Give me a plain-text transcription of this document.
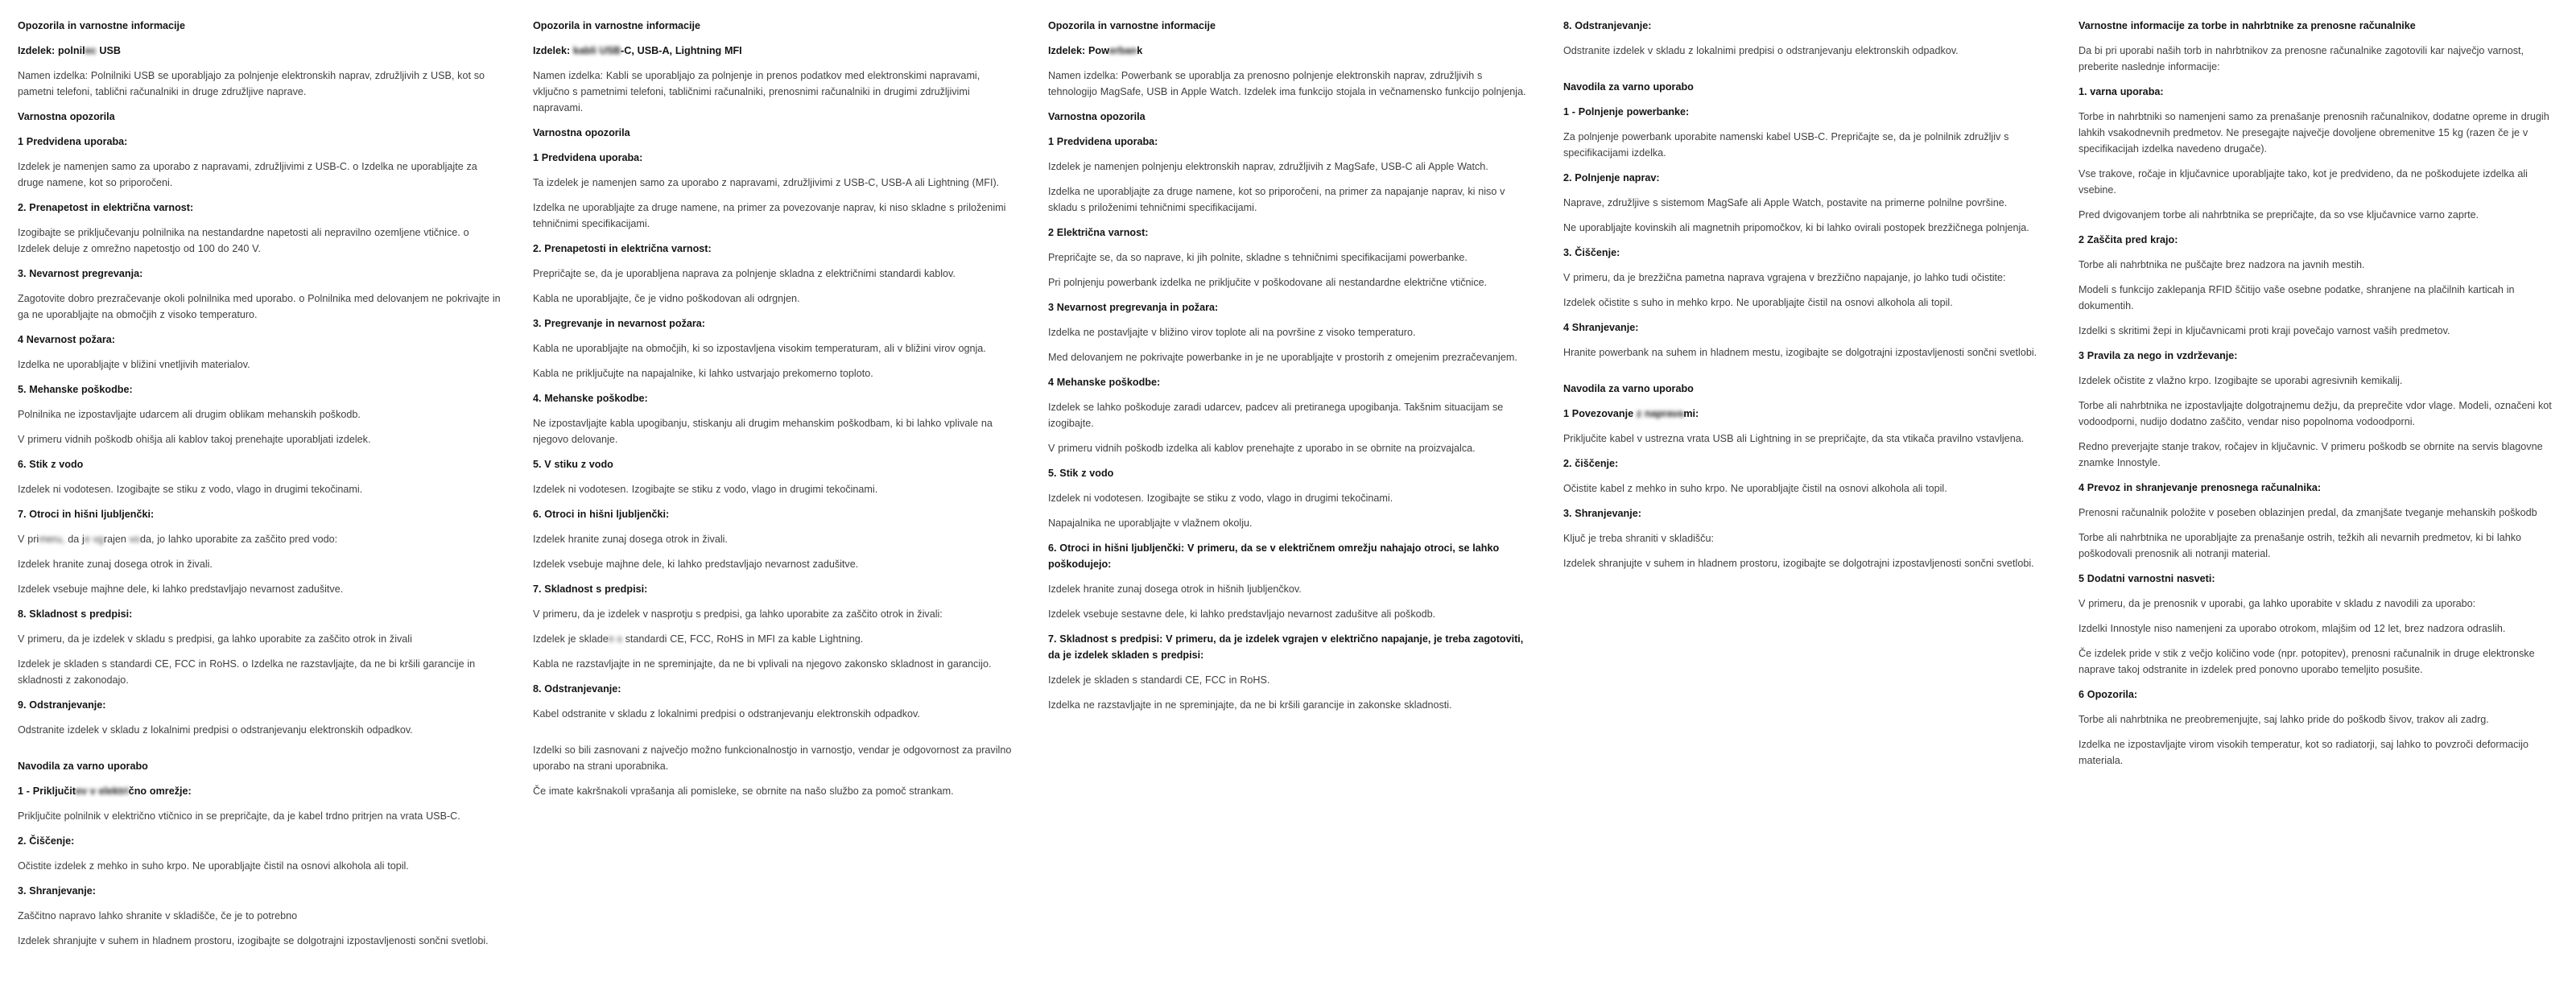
Opozorila in varnostne informacije

Izdelek: polnilec USB

Namen izdelka: Polnilniki USB se uporabljajo za polnjenje elektronskih naprav, združljivih z USB, kot so pametni telefoni, tablični računalniki in druge združljive naprave.

Varnostna opozorila

1 Predvidena uporaba:

Izdelek je namenjen samo za uporabo z napravami, združljivimi z USB-C. o Izdelka ne uporabljajte za druge namene, kot so priporočeni.

2. Prenapetost in električna varnost:

Izogibajte se priključevanju polnilnika na nestandardne napetosti ali nepravilno ozemljene vtičnice. o Izdelek deluje z omrežno napetostjo od 100 do 240 V.

3. Nevarnost pregrevanja:

Zagotovite dobro prezračevanje okoli polnilnika med uporabo. o Polnilnika med delovanjem ne pokrivajte in ga ne uporabljajte na območjih z visoko temperaturo.

4 Nevarnost požara:

Izdelka ne uporabljajte v bližini vnetljivih materialov.

5. Mehanske poškodbe:

Polnilnika ne izpostavljajte udarcem ali drugim oblikam mehanskih poškodb.

V primeru vidnih poškodb ohišja ali kablov takoj prenehajte uporabljati izdelek.

6. Stik z vodo

Izdelek ni vodotesen. Izogibajte se stiku z vodo, vlago in drugimi tekočinami.

7. Otroci in hišni ljubljenčki:

V primeru, da je vgrajen voda, jo lahko uporabite za zaščito pred vodo:

Izdelek hranite zunaj dosega otrok in živali.

Izdelek vsebuje majhne dele, ki lahko predstavljajo nevarnost zadušitve.

8. Skladnost s predpisi:

V primeru, da je izdelek v skladu s predpisi, ga lahko uporabite za zaščito otrok in živali

Izdelek je skladen s standardi CE, FCC in RoHS. o Izdelka ne razstavljajte, da ne bi kršili garancije in skladnosti z zakonodajo.

9. Odstranjevanje:

Odstranite izdelek v skladu z lokalnimi predpisi o odstranjevanju elektronskih odpadkov.

Navodila za varno uporabo

1 - Priključitev v električno omrežje:

Priključite polnilnik v električno vtičnico in se prepričajte, da je kabel trdno pritrjen na vrata USB-C.

2. Čiščenje:

Očistite izdelek z mehko in suho krpo. Ne uporabljajte čistil na osnovi alkohola ali topil.

3. Shranjevanje:

Zaščitno napravo lahko shranite v skladišče, če je to potrebno

Izdelek shranjujte v suhem in hladnem prostoru, izogibajte se dolgotrajni izpostavljenosti sončni svetlobi.

Opozorila in varnostne informacije

Izdelek: kabli USB-C, USB-A, Lightning MFI

Namen izdelka: Kabli se uporabljajo za polnjenje in prenos podatkov med elektronskimi napravami, vključno s pametnimi telefoni, tabličnimi računalniki, prenosnimi računalniki in drugimi združljivimi napravami.

Varnostna opozorila

1 Predvidena uporaba:

Ta izdelek je namenjen samo za uporabo z napravami, združljivimi z USB-C, USB-A ali Lightning (MFI).

Izdelka ne uporabljajte za druge namene, na primer za povezovanje naprav, ki niso skladne s priloženimi tehničnimi specifikacijami.

2. Prenapetosti in električna varnost:

Prepričajte se, da je uporabljena naprava za polnjenje skladna z električnimi standardi kablov.

Kabla ne uporabljajte, če je vidno poškodovan ali odrgnjen.

3. Pregrevanje in nevarnost požara:

Kabla ne uporabljajte na območjih, ki so izpostavljena visokim temperaturam, ali v bližini virov ognja.

Kabla ne priključujte na napajalnike, ki lahko ustvarjajo prekomerno toploto.

4. Mehanske poškodbe:

Ne izpostavljajte kabla upogibanju, stiskanju ali drugim mehanskim poškodbam, ki bi lahko vplivale na njegovo delovanje.

5. V stiku z vodo

Izdelek ni vodotesen. Izogibajte se stiku z vodo, vlago in drugimi tekočinami.

6. Otroci in hišni ljubljenčki:

Izdelek hranite zunaj dosega otrok in živali.

Izdelek vsebuje majhne dele, ki lahko predstavljajo nevarnost zadušitve.

7. Skladnost s predpisi:

V primeru, da je izdelek v nasprotju s predpisi, ga lahko uporabite za zaščito otrok in živali:

Izdelek je skladen s standardi CE, FCC, RoHS in MFI za kable Lightning.

Kabla ne razstavljajte in ne spreminjajte, da ne bi vplivali na njegovo zakonsko skladnost in garancijo.

8. Odstranjevanje:

Kabel odstranite v skladu z lokalnimi predpisi o odstranjevanju elektronskih odpadkov.

Izdelki so bili zasnovani z največjo možno funkcionalnostjo in varnostjo, vendar je odgovornost za pravilno uporabo na strani uporabnika.

Če imate kakršnakoli vprašanja ali pomisleke, se obrnite na našo službo za pomoč strankam.

Opozorila in varnostne informacije

Izdelek: Powerbank

Namen izdelka: Powerbank se uporablja za prenosno polnjenje elektronskih naprav, združljivih s tehnologijo MagSafe, USB in Apple Watch. Izdelek ima funkcijo stojala in večnamensko funkcijo polnjenja.

Varnostna opozorila

1 Predvidena uporaba:

Izdelek je namenjen polnjenju elektronskih naprav, združljivih z MagSafe, USB-C ali Apple Watch.

Izdelka ne uporabljajte za druge namene, kot so priporočeni, na primer za napajanje naprav, ki niso v skladu s priloženimi tehničnimi specifikacijami.

2 Električna varnost:

Prepričajte se, da so naprave, ki jih polnite, skladne s tehničnimi specifikacijami powerbanke.

Pri polnjenju powerbank izdelka ne priključite v poškodovane ali nestandardne električne vtičnice.

3 Nevarnost pregrevanja in požara:

Izdelka ne postavljajte v bližino virov toplote ali na površine z visoko temperaturo.

Med delovanjem ne pokrivajte powerbanke in je ne uporabljajte v prostorih z omejenim prezračevanjem.

4 Mehanske poškodbe:

Izdelek se lahko poškoduje zaradi udarcev, padcev ali pretiranega upogibanja. Takšnim situacijam se izogibajte.

V primeru vidnih poškodb izdelka ali kablov prenehajte z uporabo in se obrnite na proizvajalca.

5. Stik z vodo

Izdelek ni vodotesen. Izogibajte se stiku z vodo, vlago in drugimi tekočinami.

Napajalnika ne uporabljajte v vlažnem okolju.

6. Otroci in hišni ljubljenčki: V primeru, da se v električnem omrežju nahajajo otroci, se lahko poškodujejo:

Izdelek hranite zunaj dosega otrok in hišnih ljubljenčkov.

Izdelek vsebuje sestavne dele, ki lahko predstavljajo nevarnost zadušitve ali poškodb.

7. Skladnost s predpisi: V primeru, da je izdelek vgrajen v električno napajanje, je treba zagotoviti, da je izdelek skladen s predpisi:

Izdelek je skladen s standardi CE, FCC in RoHS.

Izdelka ne razstavljajte in ne spreminjajte, da ne bi kršili garancije in zakonske skladnosti.

8. Odstranjevanje:

Odstranite izdelek v skladu z lokalnimi predpisi o odstranjevanju elektronskih odpadkov.

Navodila za varno uporabo

1 - Polnjenje powerbanke:

Za polnjenje powerbank uporabite namenski kabel USB-C. Prepričajte se, da je polnilnik združljiv s specifikacijami izdelka.

2. Polnjenje naprav:

Naprave, združljive s sistemom MagSafe ali Apple Watch, postavite na primerne polnilne površine.

Ne uporabljajte kovinskih ali magnetnih pripomočkov, ki bi lahko ovirali postopek brezžičnega polnjenja.

3. Čiščenje:

V primeru, da je brezžična pametna naprava vgrajena v brezžično napajanje, jo lahko tudi očistite:

Izdelek očistite s suho in mehko krpo. Ne uporabljajte čistil na osnovi alkohola ali topil.

4 Shranjevanje:

Hranite powerbank na suhem in hladnem mestu, izogibajte se dolgotrajni izpostavljenosti sončni svetlobi.

Navodila za varno uporabo

1 Povezovanje z napravami:

Priključite kabel v ustrezna vrata USB ali Lightning in se prepričajte, da sta vtikača pravilno vstavljena.

2. čiščenje:

Očistite kabel z mehko in suho krpo. Ne uporabljajte čistil na osnovi alkohola ali topil.

3. Shranjevanje:

Ključ je treba shraniti v skladišču:

Izdelek shranjujte v suhem in hladnem prostoru, izogibajte se dolgotrajni izpostavljenosti sončni svetlobi.

Varnostne informacije za torbe in nahrbtnike za prenosne računalnike

Da bi pri uporabi naših torb in nahrbtnikov za prenosne računalnike zagotovili kar največjo varnost, preberite naslednje informacije:

1. varna uporaba:

Torbe in nahrbtniki so namenjeni samo za prenašanje prenosnih računalnikov, dodatne opreme in drugih lahkih vsakodnevnih predmetov. Ne presegajte največje dovoljene obremenitve 15 kg (razen če je v specifikacijah izdelka navedeno drugače).

Vse trakove, ročaje in ključavnice uporabljajte tako, kot je predvideno, da ne poškodujete izdelka ali vsebine.

Pred dvigovanjem torbe ali nahrbtnika se prepričajte, da so vse ključavnice varno zaprte.

2 Zaščita pred krajo:

Torbe ali nahrbtnika ne puščajte brez nadzora na javnih mestih.

Modeli s funkcijo zaklepanja RFID ščitijo vaše osebne podatke, shranjene na plačilnih karticah in dokumentih.

Izdelki s skritimi žepi in ključavnicami proti kraji povečajo varnost vaših predmetov.

3 Pravila za nego in vzdrževanje:

Izdelek očistite z vlažno krpo. Izogibajte se uporabi agresivnih kemikalij.

Torbe ali nahrbtnika ne izpostavljajte dolgotrajnemu dežju, da preprečite vdor vlage. Modeli, označeni kot vodoodporni, nudijo dodatno zaščito, vendar niso popolnoma vodoodporni.

Redno preverjajte stanje trakov, ročajev in ključavnic. V primeru poškodb se obrnite na servis blagovne znamke Innostyle.

4 Prevoz in shranjevanje prenosnega računalnika:

Prenosni računalnik položite v poseben oblazinjen predal, da zmanjšate tveganje mehanskih poškodb

Torbe ali nahrbtnika ne uporabljajte za prenašanje ostrih, težkih ali nevarnih predmetov, ki bi lahko poškodovali prenosnik ali notranji material.

5 Dodatni varnostni nasveti:

V primeru, da je prenosnik v uporabi, ga lahko uporabite v skladu z navodili za uporabo:

Izdelki Innostyle niso namenjeni za uporabo otrokom, mlajšim od 12 let, brez nadzora odraslih.

Če izdelek pride v stik z večjo količino vode (npr. potopitev), prenosni računalnik in druge elektronske naprave takoj odstranite in izdelek pred ponovno uporabo temeljito posušite.

6 Opozorila:

Torbe ali nahrbtnika ne preobremenjujte, saj lahko pride do poškodb šivov, trakov ali zadrg.

Izdelka ne izpostavljajte virom visokih temperatur, kot so radiatorji, saj lahko to povzroči deformacijo materiala.
